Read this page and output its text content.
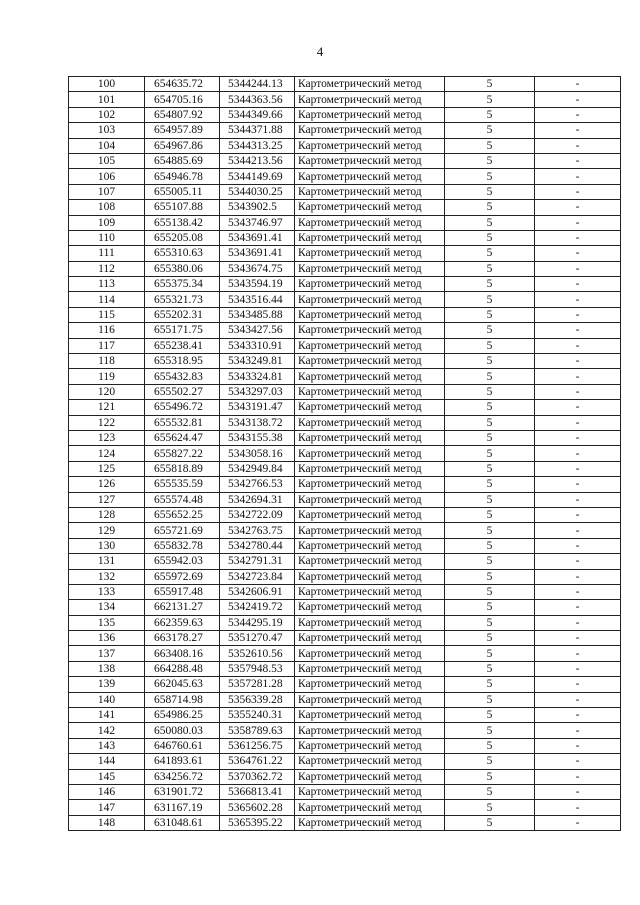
4
100	654635.72	5344244.13	Картометрический метод	5	-
101	654705.16	5344363.56	Картометрический метод	5	-
102	654807.92	5344349.66	Картометрический метод	5	-
103	654957.89	5344371.88	Картометрический метод	5	-
104	654967.86	5344313.25	Картометрический метод	5	-
105	654885.69	5344213.56	Картометрический метод	5	-
106	654946.78	5344149.69	Картометрический метод	5	-
107	655005.11	5344030.25	Картометрический метод	5	-
108	655107.88	5343902.5	Картометрический метод	5	-
109	655138.42	5343746.97	Картометрический метод	5	-
110	655205.08	5343691.41	Картометрический метод	5	-
111	655310.63	5343691.41	Картометрический метод	5	-
112	655380.06	5343674.75	Картометрический метод	5	-
113	655375.34	5343594.19	Картометрический метод	5	-
114	655321.73	5343516.44	Картометрический метод	5	-
115	655202.31	5343485.88	Картометрический метод	5	-
116	655171.75	5343427.56	Картометрический метод	5	-
117	655238.41	5343310.91	Картометрический метод	5	-
118	655318.95	5343249.81	Картометрический метод	5	-
119	655432.83	5343324.81	Картометрический метод	5	-
120	655502.27	5343297.03	Картометрический метод	5	-
121	655496.72	5343191.47	Картометрический метод	5	-
122	655532.81	5343138.72	Картометрический метод	5	-
123	655624.47	5343155.38	Картометрический метод	5	-
124	655827.22	5343058.16	Картометрический метод	5	-
125	655818.89	5342949.84	Картометрический метод	5	-
126	655535.59	5342766.53	Картометрический метод	5	-
127	655574.48	5342694.31	Картометрический метод	5	-
128	655652.25	5342722.09	Картометрический метод	5	-
129	655721.69	5342763.75	Картометрический метод	5	-
130	655832.78	5342780.44	Картометрический метод	5	-
131	655942.03	5342791.31	Картометрический метод	5	-
132	655972.69	5342723.84	Картометрический метод	5	-
133	655917.48	5342606.91	Картометрический метод	5	-
134	662131.27	5342419.72	Картометрический метод	5	-
135	662359.63	5344295.19	Картометрический метод	5	-
136	663178.27	5351270.47	Картометрический метод	5	-
137	663408.16	5352610.56	Картометрический метод	5	-
138	664288.48	5357948.53	Картометрический метод	5	-
139	662045.63	5357281.28	Картометрический метод	5	-
140	658714.98	5356339.28	Картометрический метод	5	-
141	654986.25	5355240.31	Картометрический метод	5	-
142	650080.03	5358789.63	Картометрический метод	5	-
143	646760.61	5361256.75	Картометрический метод	5	-
144	641893.61	5364761.22	Картометрический метод	5	-
145	634256.72	5370362.72	Картометрический метод	5	-
146	631901.72	5366813.41	Картометрический метод	5	-
147	631167.19	5365602.28	Картометрический метод	5	-
148	631048.61	5365395.22	Картометрический метод	5	-
